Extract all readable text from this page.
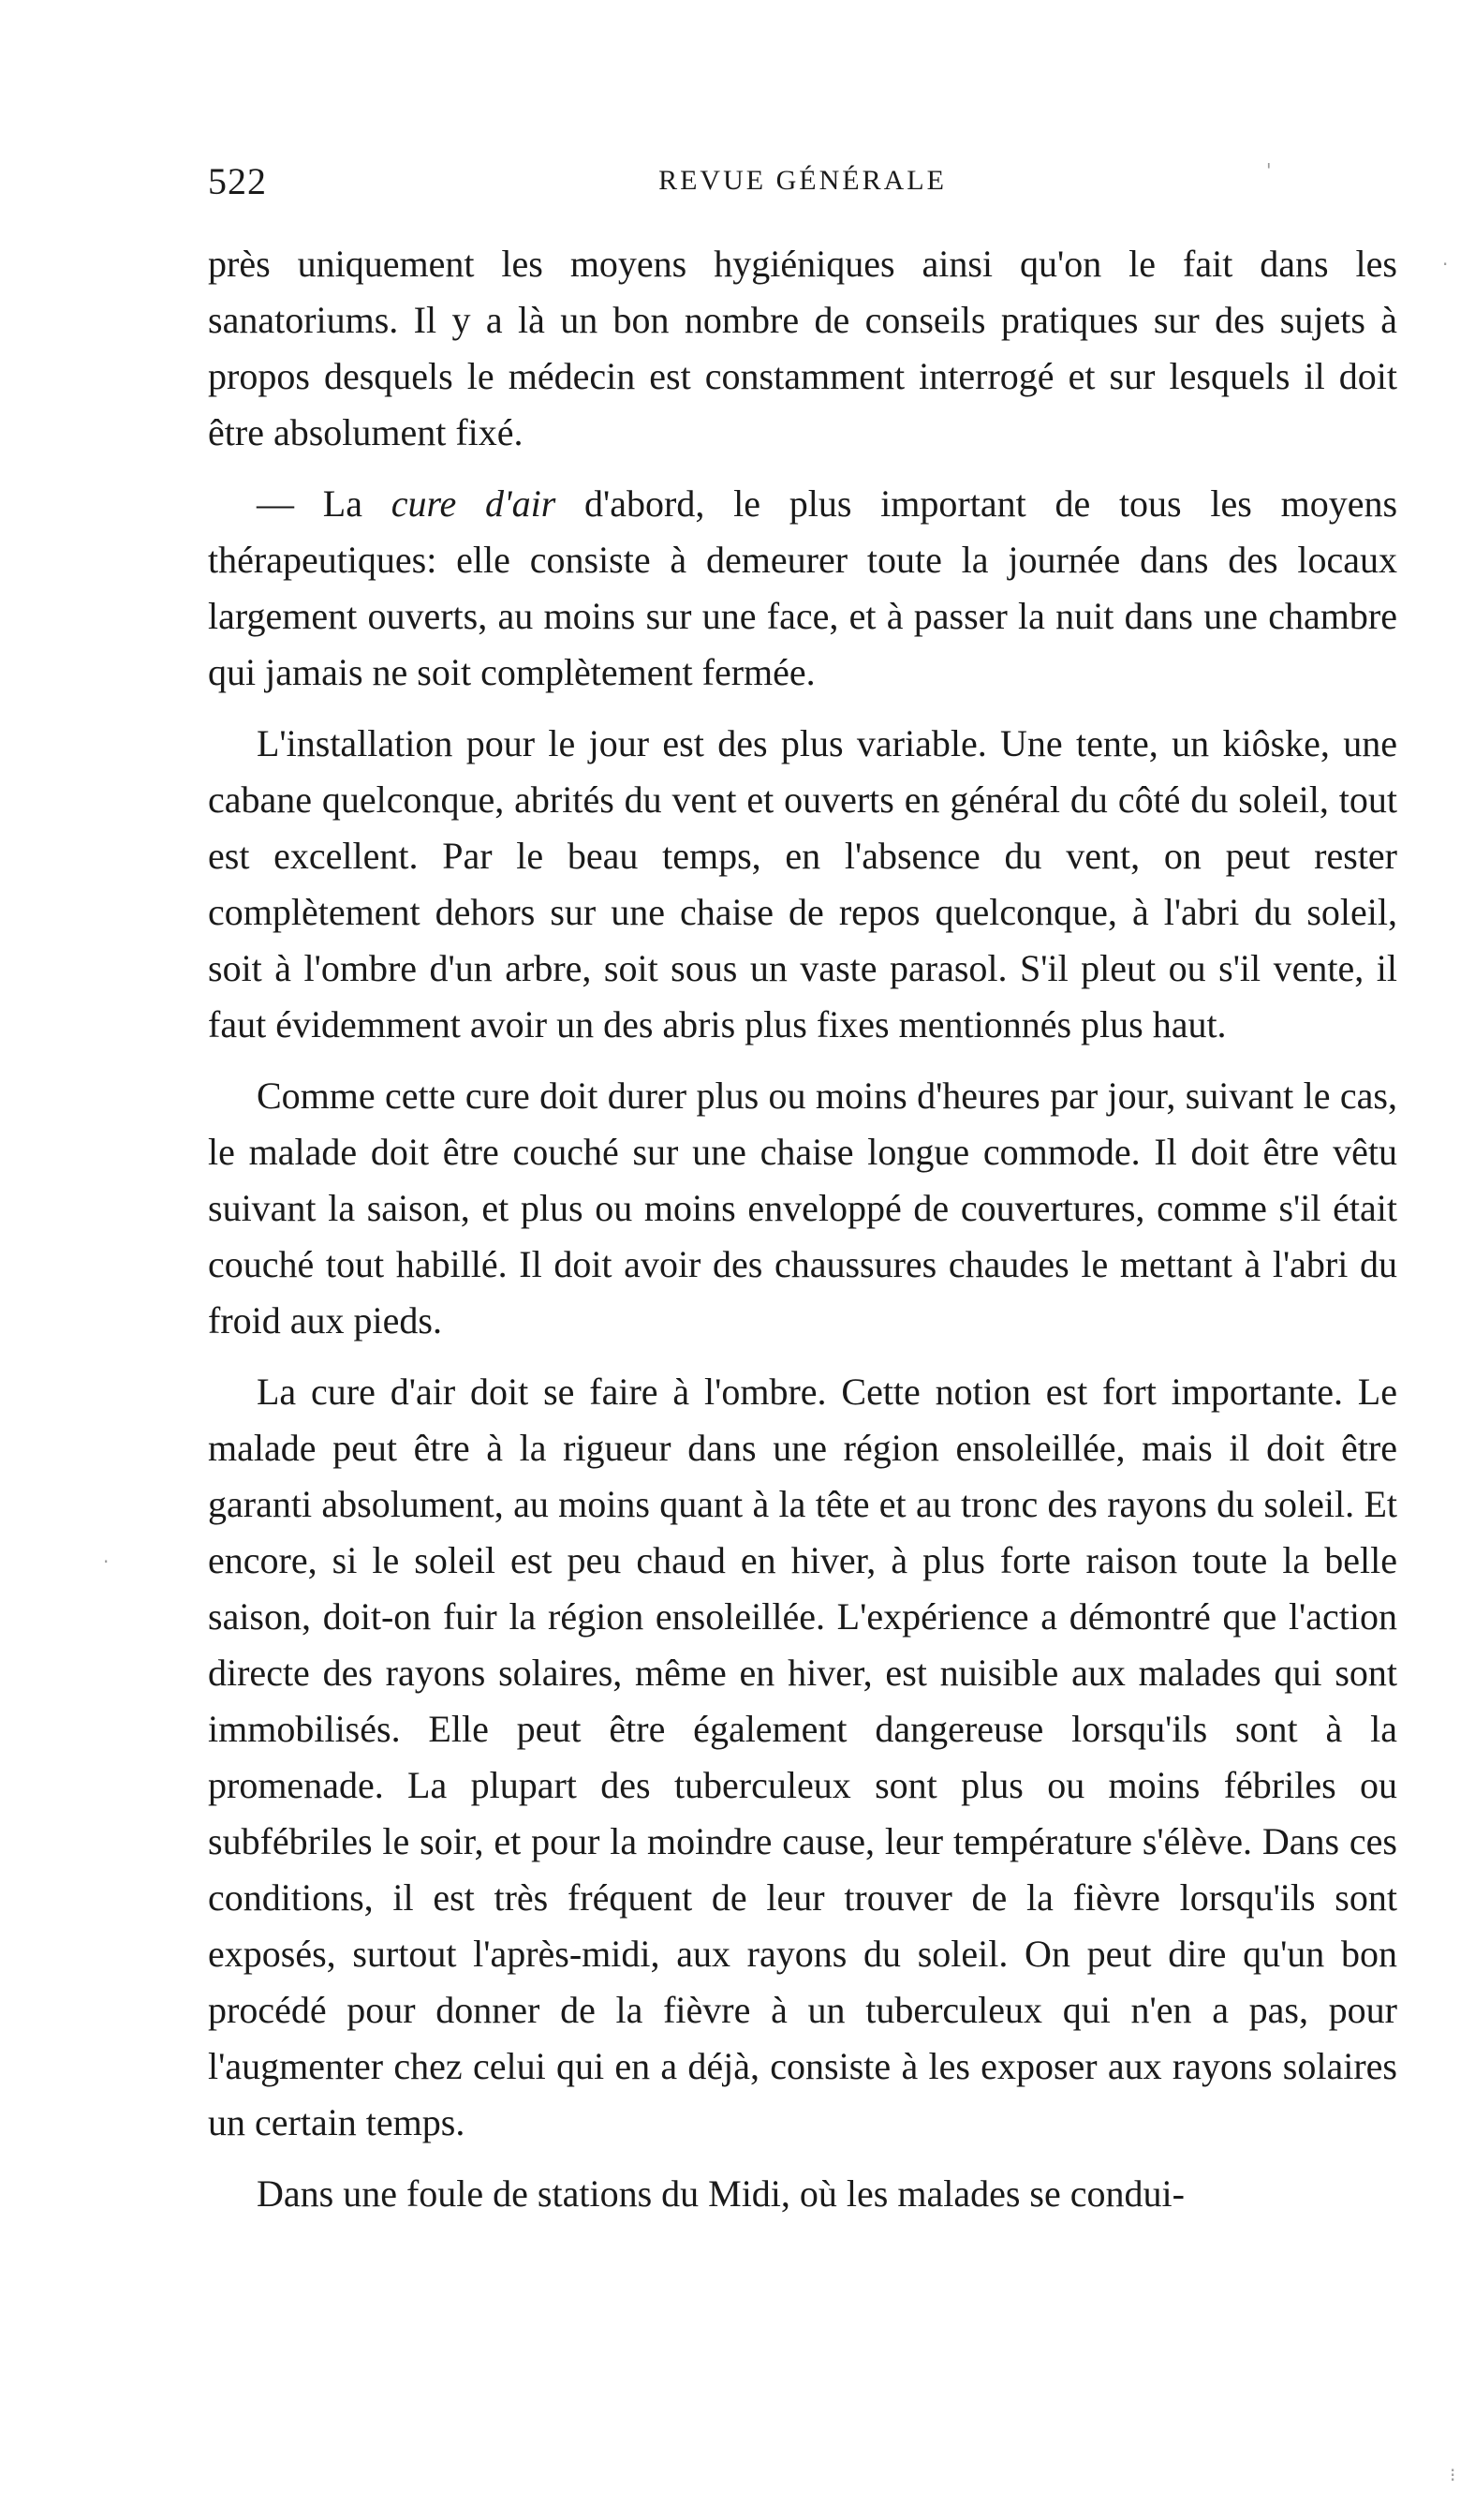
522	REVUE GÉNÉRALE

près uniquement les moyens hygiéniques ainsi qu'on le fait dans les sanatoriums. Il y a là un bon nombre de conseils pratiques sur des sujets à propos desquels le médecin est constamment interrogé et sur lesquels il doit être absolument fixé.

— La cure d'air d'abord, le plus important de tous les moyens thérapeutiques: elle consiste à demeurer toute la journée dans des locaux largement ouverts, au moins sur une face, et à passer la nuit dans une chambre qui jamais ne soit complètement fermée.

L'installation pour le jour est des plus variable. Une tente, un kiôske, une cabane quelconque, abrités du vent et ouverts en général du côté du soleil, tout est excellent. Par le beau temps, en l'absence du vent, on peut rester complètement dehors sur une chaise de repos quelconque, à l'abri du soleil, soit à l'ombre d'un arbre, soit sous un vaste parasol. S'il pleut ou s'il vente, il faut évidemment avoir un des abris plus fixes mentionnés plus haut.

Comme cette cure doit durer plus ou moins d'heures par jour, suivant le cas, le malade doit être couché sur une chaise longue commode. Il doit être vêtu suivant la saison, et plus ou moins enveloppé de couvertures, comme s'il était couché tout habillé. Il doit avoir des chaussures chaudes le mettant à l'abri du froid aux pieds.

La cure d'air doit se faire à l'ombre. Cette notion est fort importante. Le malade peut être à la rigueur dans une région ensoleillée, mais il doit être garanti absolument, au moins quant à la tête et au tronc des rayons du soleil. Et encore, si le soleil est peu chaud en hiver, à plus forte raison toute la belle saison, doit-on fuir la région ensoleillée. L'expérience a démontré que l'action directe des rayons solaires, même en hiver, est nuisible aux malades qui sont immobilisés. Elle peut être également dangereuse lorsqu'ils sont à la promenade. La plupart des tuberculeux sont plus ou moins fébriles ou subfébriles le soir, et pour la moindre cause, leur température s'élève. Dans ces conditions, il est très fréquent de leur trouver de la fièvre lorsqu'ils sont exposés, surtout l'après-midi, aux rayons du soleil. On peut dire qu'un bon procédé pour donner de la fièvre à un tuberculeux qui n'en a pas, pour l'augmenter chez celui qui en a déjà, consiste à les exposer aux rayons solaires un certain temps.

Dans une foule de stations du Midi, où les malades se condui-

'
·
·
⁝
